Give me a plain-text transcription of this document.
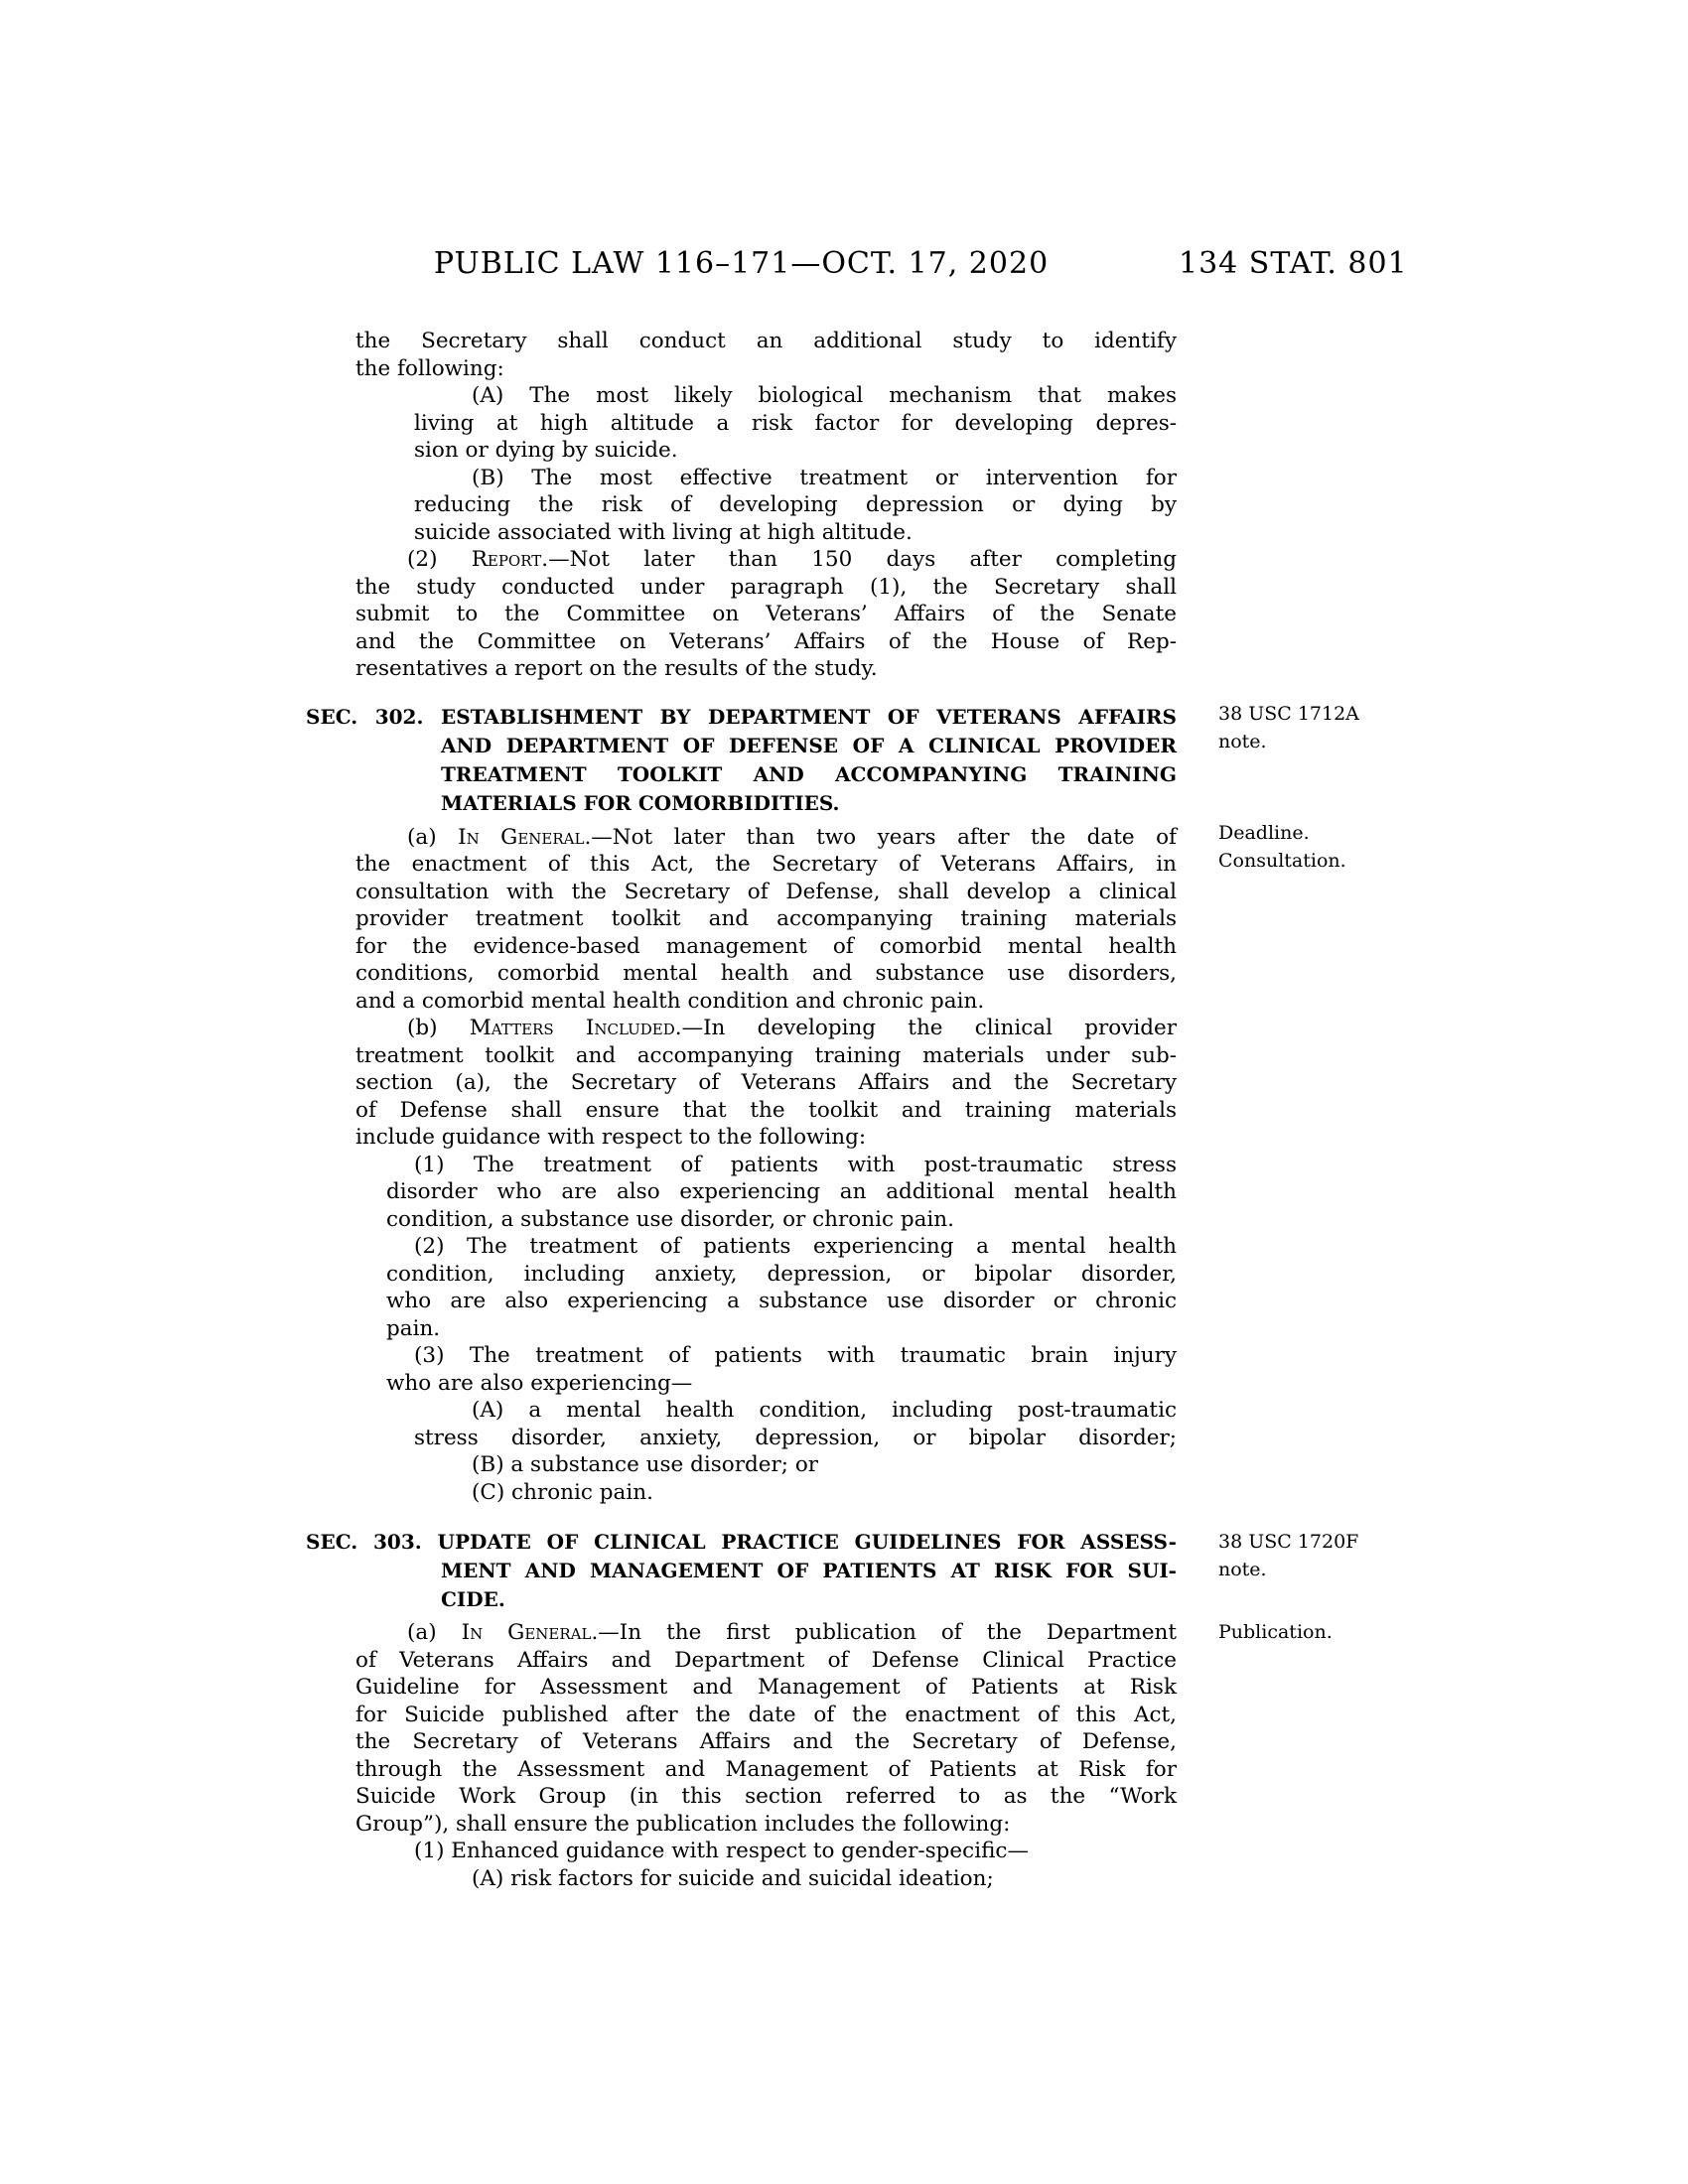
PUBLIC LAW 116–171—OCT. 17, 2020	134 STAT. 801
the Secretary shall conduct an additional study to identify
the following:
(A) The most likely biological mechanism that makes
living at high altitude a risk factor for developing depres-
sion or dying by suicide.
(B) The most effective treatment or intervention for
reducing the risk of developing depression or dying by
suicide associated with living at high altitude.
(2) Report.—Not later than 150 days after completing
the study conducted under paragraph (1), the Secretary shall
submit to the Committee on Veterans’ Affairs of the Senate
and the Committee on Veterans’ Affairs of the House of Rep-
resentatives a report on the results of the study.
SEC. 302. ESTABLISHMENT BY DEPARTMENT OF VETERANS AFFAIRS
AND DEPARTMENT OF DEFENSE OF A CLINICAL PROVIDER
TREATMENT TOOLKIT AND ACCOMPANYING TRAINING
MATERIALS FOR COMORBIDITIES.
(a) In General.—Not later than two years after the date of
the enactment of this Act, the Secretary of Veterans Affairs, in
consultation with the Secretary of Defense, shall develop a clinical
provider treatment toolkit and accompanying training materials
for the evidence-based management of comorbid mental health
conditions, comorbid mental health and substance use disorders,
and a comorbid mental health condition and chronic pain.
(b) Matters Included.—In developing the clinical provider
treatment toolkit and accompanying training materials under sub-
section (a), the Secretary of Veterans Affairs and the Secretary
of Defense shall ensure that the toolkit and training materials
include guidance with respect to the following:
(1) The treatment of patients with post-traumatic stress
disorder who are also experiencing an additional mental health
condition, a substance use disorder, or chronic pain.
(2) The treatment of patients experiencing a mental health
condition, including anxiety, depression, or bipolar disorder,
who are also experiencing a substance use disorder or chronic
pain.
(3) The treatment of patients with traumatic brain injury
who are also experiencing—
(A) a mental health condition, including post-traumatic
stress disorder, anxiety, depression, or bipolar disorder;
(B) a substance use disorder; or
(C) chronic pain.
SEC. 303. UPDATE OF CLINICAL PRACTICE GUIDELINES FOR ASSESS-
MENT AND MANAGEMENT OF PATIENTS AT RISK FOR SUI-
CIDE.
(a) In General.—In the first publication of the Department
of Veterans Affairs and Department of Defense Clinical Practice
Guideline for Assessment and Management of Patients at Risk
for Suicide published after the date of the enactment of this Act,
the Secretary of Veterans Affairs and the Secretary of Defense,
through the Assessment and Management of Patients at Risk for
Suicide Work Group (in this section referred to as the “Work
Group”), shall ensure the publication includes the following:
(1) Enhanced guidance with respect to gender-specific—
(A) risk factors for suicide and suicidal ideation;
38 USC 1712A
note.
Deadline.
Consultation.
38 USC 1720F
note.
Publication.
